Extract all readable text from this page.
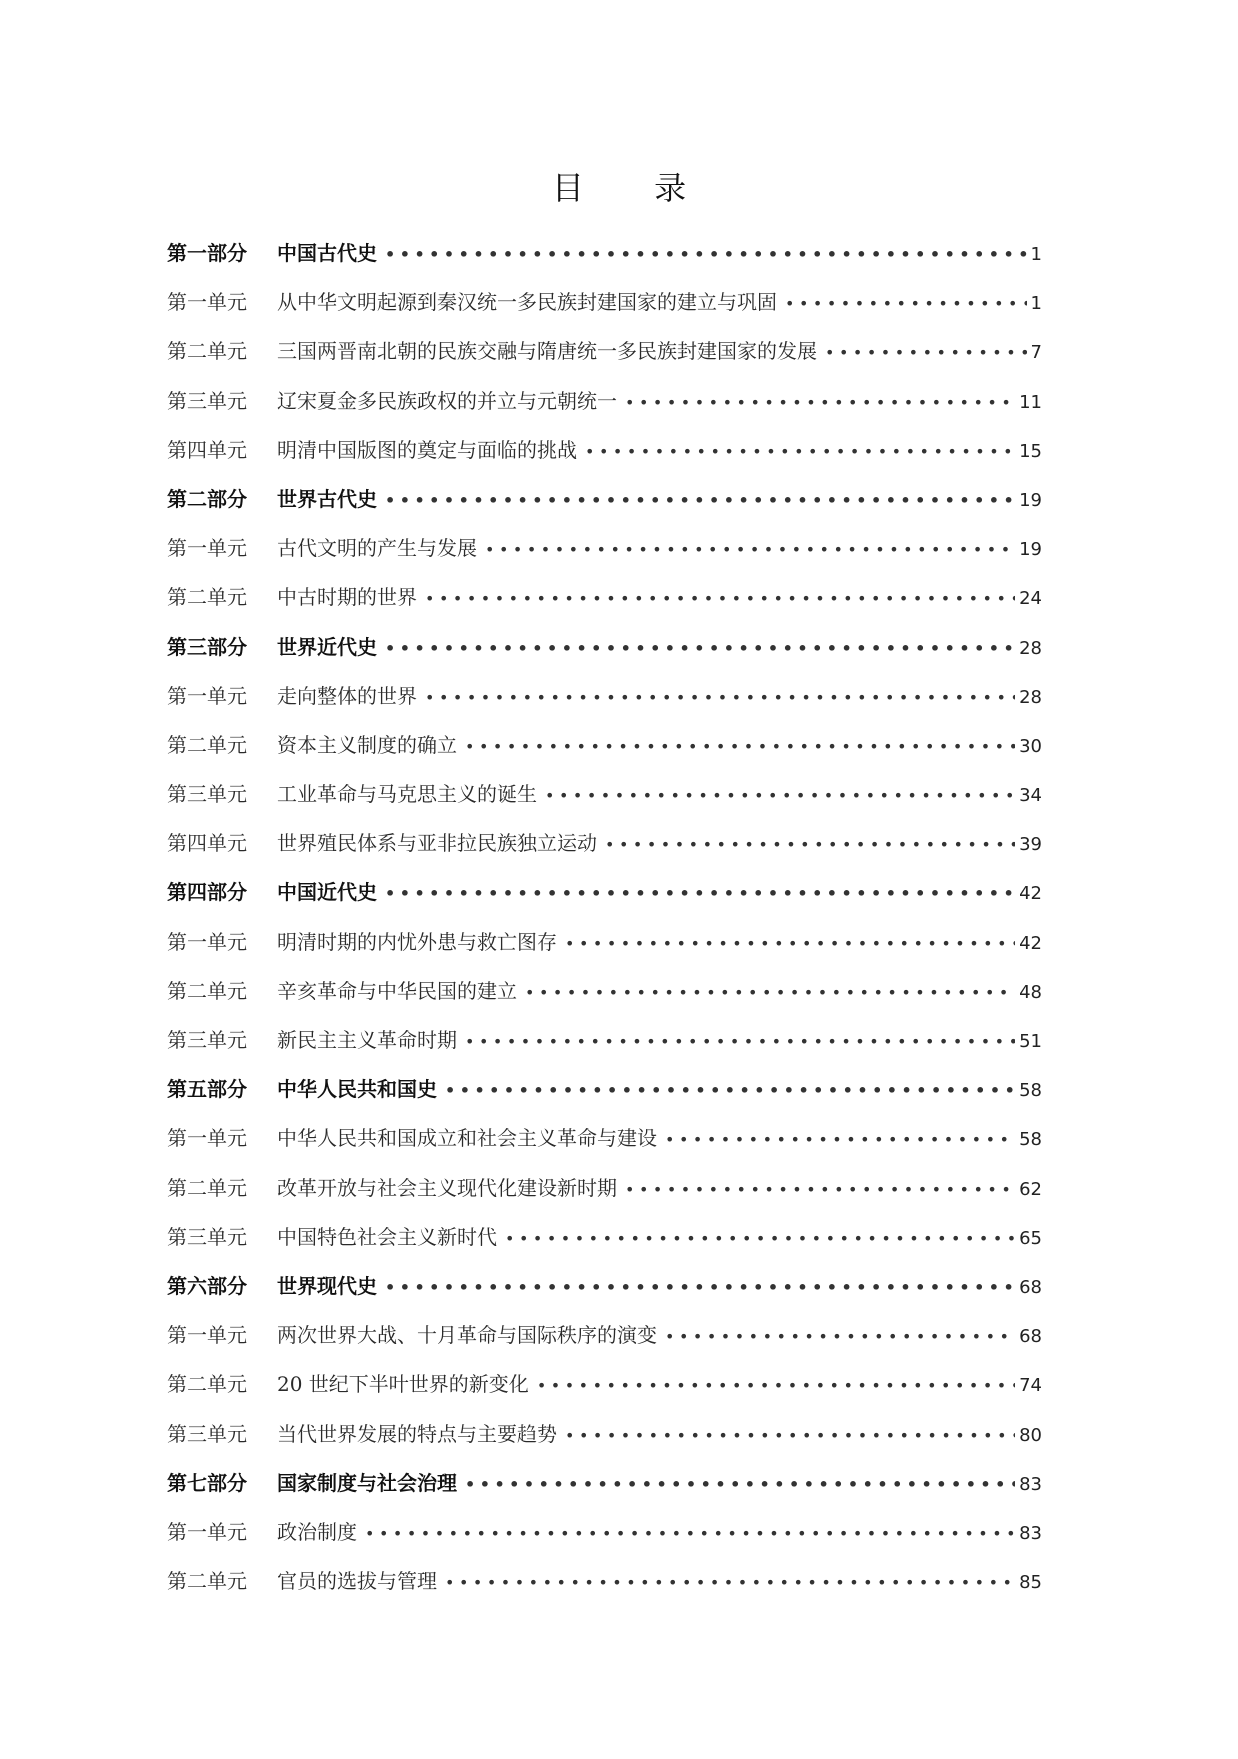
目 录
第一部分	中国古代史 •••••	1
第一单元	从中华文明起源到秦汉统一多民族封建国家的建立与巩固 •••••	1
第二单元	三国两晋南北朝的民族交融与隋唐统一多民族封建国家的发展 •••••	7
第三单元	辽宋夏金多民族政权的并立与元朝统一 •••••	11
第四单元	明清中国版图的奠定与面临的挑战 •••••	15
第二部分	世界古代史 •••••	19
第一单元	古代文明的产生与发展 •••••	19
第二单元	中古时期的世界 •••••	24
第三部分	世界近代史 •••••	28
第一单元	走向整体的世界 •••••	28
第二单元	资本主义制度的确立 •••••	30
第三单元	工业革命与马克思主义的诞生 •••••	34
第四单元	世界殖民体系与亚非拉民族独立运动 •••••	39
第四部分	中国近代史 •••••	42
第一单元	明清时期的内忧外患与救亡图存 •••••	42
第二单元	辛亥革命与中华民国的建立 •••••	48
第三单元	新民主主义革命时期 •••••	51
第五部分	中华人民共和国史 •••••	58
第一单元	中华人民共和国成立和社会主义革命与建设 •••••	58
第二单元	改革开放与社会主义现代化建设新时期 •••••	62
第三单元	中国特色社会主义新时代 •••••	65
第六部分	世界现代史 •••••	68
第一单元	两次世界大战、十月革命与国际秩序的演变 •••••	68
第二单元	20 世纪下半叶世界的新变化 •••••	74
第三单元	当代世界发展的特点与主要趋势 •••••	80
第七部分	国家制度与社会治理 •••••	83
第一单元	政治制度 •••••	83
第二单元	官员的选拔与管理 •••••	85
